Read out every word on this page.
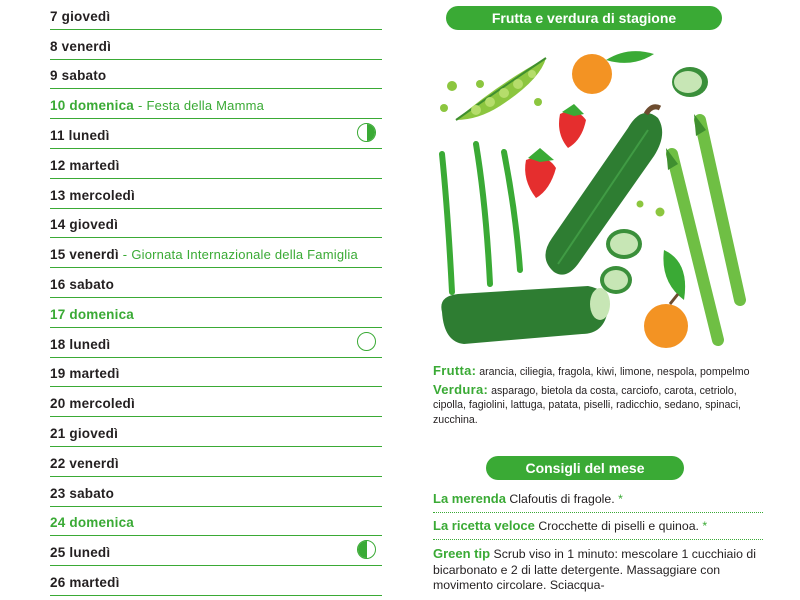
7 giovedì
8 venerdì
9 sabato
10 domenica - Festa della Mamma
11 lunedì
12 martedì
13 mercoledì
14 giovedì
15 venerdì - Giornata Internazionale della Famiglia
16 sabato
17 domenica
18 lunedì
19 martedì
20 mercoledì
21 giovedì
22 venerdì
23 sabato
24 domenica
25 lunedì
26 martedì
Frutta e verdura di stagione

Frutta: arancia, ciliegia, fragola, kiwi, limone, nespola, pompelmo

Verdura: asparago, bietola da costa, carciofo, carota, cetriolo, cipolla, fagiolini, lattuga, patata, piselli, radicchio, sedano, spinaci, zucchina.

Consigli del mese
La merenda Clafoutis di fragole. *
La ricetta veloce Crocchette di piselli e quinoa. *
Green tip Scrub viso in 1 minuto: mescolare 1 cucchiaio di bicarbonato e 2 di latte detergente. Massaggiare con movimento circolare. Sciacqua-
